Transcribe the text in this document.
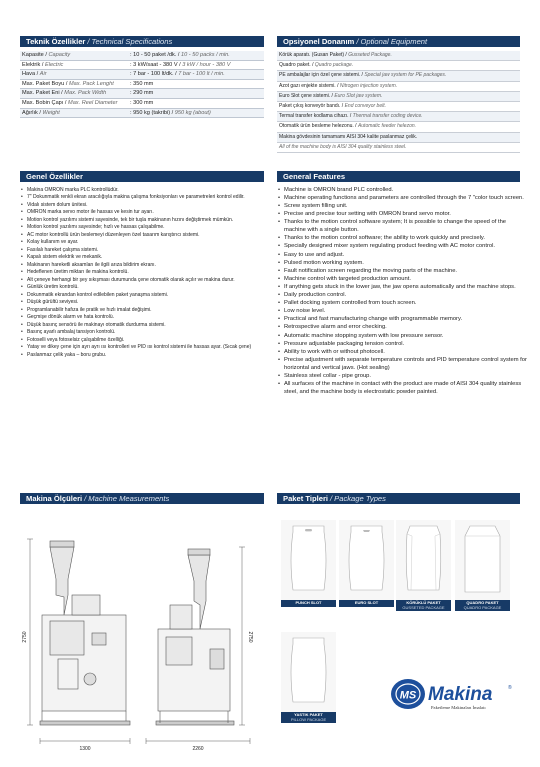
Teknik Özellikler / Technical Specifications	Opsiyonel Donanım / Optional Equipment
Genel Özellikler	General Features
Makina Ölçüleri / Machine Measurements	Paket Tipleri / Package Types
Kapasite / Capacity	: 10 - 50 paket /dk. / 10 - 50 packs / min.
Elektrik / Electric	: 3 kW/saat - 380 V / 3 kW / hour - 380 V
Hava / Air	: 7 bar - 100 lt/dk. / 7 bar - 100 lt / min.
Max. Paket Boyu / Max. Pack Lenght	: 350 mm
Max. Paket Eni / Max. Pack Width	: 290 mm
Max. Bobin Çapı / Max. Reel Diameter	: 300 mm
Ağırlık / Weight	: 950 kg (takribi) / 950 kg (about)
Körük aparatı. (Gusan Paket) / Gusseted Package.
Quadro paket. / Quadro package.
PE ambalajlar için özel çene sistemi. / Special jaw system for PE packages.
Azot gazı enjekte sistemi. / Nitrogen injection system.
Euro Slot çene sistemi. / Euro Slot jaw system.
Paket çıkış konveyör bandı. / End conveyor belt.
Termal transfer kodlama cihazı. / Thermal transfer coding device.
Otomatik ürün besleme helezonu. / Automatic feeder helezon.
Makina gövdesinin tamamamı AISI 304 kalite paslanmaz çelik.
All of the machine body is AISI 304 quality stainless steel.
• Makina OMRON marka PLC kontrollüdür.
• 7" Dokunmatik renkli ekran aracılığıyla makina çalışma fonksiyonları ve parametreleri kontrol edilir.
• Vidalı sistem dolum ünitesi.
• OMRON marka servo motor ile hassas ve kesin tur ayarı.
• Motion kontrol yazılımı sistemi sayesinde, tek bir tuşla makinanın hızını değiştirmek mümkün.
• Motion kontrol yazılımı sayesinde; hızlı ve hassas çalışabilme.
• AC motor kontrollü ürün beslemeyi düzenleyen özel tasarım karıştırıcı sistemi.
• Kolay kullanım ve ayar.
• Fasılalı hareket çalışma sistemi.
• Kapalı sistem elektrik ve mekanik.
• Makinanın hareketli aksamları ile ilgili arıza bildirim ekranı.
• Hedeflenen üretim miktarı ile makina kontrolü.
• Alt çeneye herhangi bir şey sıkışması durumunda çene otomatik olarak açılır ve makina durur.
• Günlük üretim kontrolü.
• Dokunmatik ekrandan kontrol edilebilen paket yanaşma sistemi.
• Düşük gürültü seviyesi.
• Programlanabilir hafıza ile pratik ve hızlı imalat değişimi.
• Geçmişe dönük alarm ve hata kontrolü.
• Düşük basınç sensörü ile makinayı otomatik durdurma sistemi.
• Basınç ayarlı ambalaj tansiyon kontrolü.
• Fotoselli veya fotoselsiz çalışabilme özelliği.
• Yatay ve dikey çene için ayrı ayrı ısı kontrolleri ve PID ısı kontrol sistemi ile hassas ayar. (Sıcak çene)
• Paslanmaz çelik yaka – boru grubu.
• Machine is OMRON brand PLC controlled.
• Machine operating functions and parameters are controlled through the 7 "color touch screen.
• Screw system filling unit.
• Precise and precise tour setting with OMRON brand servo motor.
• Thanks to the motion control software system; It is possible to change the speed of the machine with a single button.
• Thanks to the motion control software; the ability to work quickly and precisely.
• Specially designed mixer system regulating product feeding with AC motor control.
• Easy to use and adjust.
• Pulsed motion working system.
• Fault notification screen regarding the moving parts of the machine.
• Machine control with targeted production amount.
• If anything gets stuck in the lower jaw, the jaw opens automatically and the machine stops.
• Daily production control.
• Pallet docking system controlled from touch screen.
• Low noise level.
• Practical and fast manufacturing change with programmable memory.
• Retrospective alarm and error checking.
• Automatic machine stopping system with low pressure sensor.
• Pressure adjustable packaging tension control.
• Ability to work with or without photocell.
• Precise adjustment with separate temperature controls and PID temperature control system for horizontal and vertical jaws. (Hot sealing)
• Stainless steel collar - pipe group.
• All surfaces of the machine in contact with the product are made of AISI 304 quality stainless steel, and the machine body is electrostatic powder painted.
2750	2750
1300	2260
PUNCH SLOT	EURO SLOT	KÖRÜKLÜ PAKET
GUSSETED PACKAGE
QUADRO PAKET
QUADRO PACKAGE
YASTIK PAKET
PILLOW PACKAGE
MS Makina	®
Paketleme Makinaları İmalatı
